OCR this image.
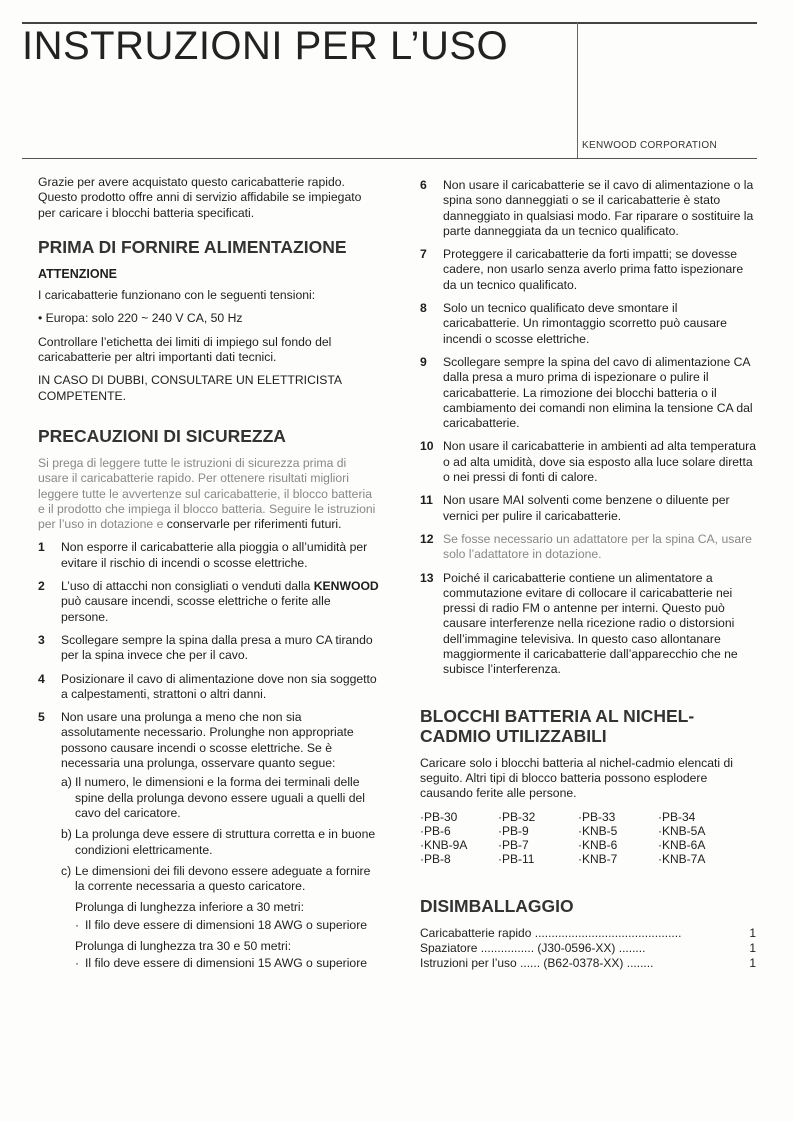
INSTRUZIONI PER L’USO
KENWOOD CORPORATION

Grazie per avere acquistato questo caricabatterie rapido. Questo prodotto offre anni di servizio affidabile se impiegato per caricare i blocchi batteria specificati.

PRIMA DI FORNIRE ALIMENTAZIONE
ATTENZIONE

I caricabatterie funzionano con le seguenti tensioni:

• Europa: solo 220 ~ 240 V CA, 50 Hz

Controllare l’etichetta dei limiti di impiego sul fondo del caricabatterie per altri importanti dati tecnici.

IN CASO DI DUBBI, CONSULTARE UN ELETTRICISTA COMPETENTE.

PRECAUZIONI DI SICUREZZA

Si prega di leggere tutte le istruzioni di sicurezza prima di usare il caricabatterie rapido. Per ottenere risultati migliori leggere tutte le avvertenze sul caricabatterie, il blocco batteria e il prodotto che impiega il blocco batteria. Seguire le istruzioni per l’uso in dotazione e conservarle per riferimenti futuri.

1	Non esporre il caricabatterie alla pioggia o all’umidità per evitare il rischio di incendi o scosse elettriche.
2	L’uso di attacchi non consigliati o venduti dalla KENWOOD può causare incendi, scosse elettriche o ferite alle persone.
3	Scollegare sempre la spina dalla presa a muro CA tirando per la spina invece che per il cavo.
4	Posizionare il cavo di alimentazione dove non sia soggetto a calpestamenti, strattoni o altri danni.
5	Non usare una prolunga a meno che non sia assolutamente necessario. Prolunghe non appropriate possono causare incendi o scosse elettriche. Se è necessaria una prolunga, osservare quanto segue:
a) Il numero, le dimensioni e la forma dei terminali delle spine della prolunga devono essere uguali a quelli del cavo del caricatore.
b) La prolunga deve essere di struttura corretta e in buone condizioni elettricamente.
c) Le dimensioni dei fili devono essere adeguate a fornire la corrente necessaria a questo caricatore.
Prolunga di lunghezza inferiore a 30 metri:
· Il filo deve essere di dimensioni 18 AWG o superiore
Prolunga di lunghezza tra 30 e 50 metri:
· Il filo deve essere di dimensioni 15 AWG o superiore
6	Non usare il caricabatterie se il cavo di alimentazione o la spina sono danneggiati o se il caricabatterie è stato danneggiato in qualsiasi modo. Far riparare o sostituire la parte danneggiata da un tecnico qualificato.
7	Proteggere il caricabatterie da forti impatti; se dovesse cadere, non usarlo senza averlo prima fatto ispezionare da un tecnico qualificato.
8	Solo un tecnico qualificato deve smontare il caricabatterie. Un rimontaggio scorretto può causare incendi o scosse elettriche.
9	Scollegare sempre la spina del cavo di alimentazione CA dalla presa a muro prima di ispezionare o pulire il caricabatterie. La rimozione dei blocchi batteria o il cambiamento dei comandi non elimina la tensione CA dal caricabatterie.
10 Non usare il caricabatterie in ambienti ad alta temperatura o ad alta umidità, dove sia esposto alla luce solare diretta o nei pressi di fonti di calore.
11 Non usare MAI solventi come benzene o diluente per vernici per pulire il caricabatterie.
12 Se fosse necessario un adattatore per la spina CA, usare solo l’adattatore in dotazione.
13 Poiché il caricabatterie contiene un alimentatore a commutazione evitare di collocare il caricabatterie nei pressi di radio FM o antenne per interni. Questo può causare interferenze nella ricezione radio o distorsioni dell’immagine televisiva. In questo caso allontanare maggiormente il caricabatterie dall’apparecchio che ne subisce l’interferenza.
BLOCCHI BATTERIA AL NICHEL-CADMIO UTILIZZABILI

Caricare solo i blocchi batteria al nichel-cadmio elencati di seguito. Altri tipi di blocco batteria possono esplodere causando ferite alle persone.

·PB-30	·PB-32	·PB-33	·PB-34
·PB-6	·PB-9	·KNB-5	·KNB-5A
·KNB-9A	·PB-7	·KNB-6	·KNB-6A
·PB-8	·PB-11	·KNB-7	·KNB-7A
DISIMBALLAGGIO
Caricabatterie rapido ............................................	1
Spaziatore ................ (J30-0596-XX) ........	1
Istruzioni per l’uso ...... (B62-0378-XX) ........	1
